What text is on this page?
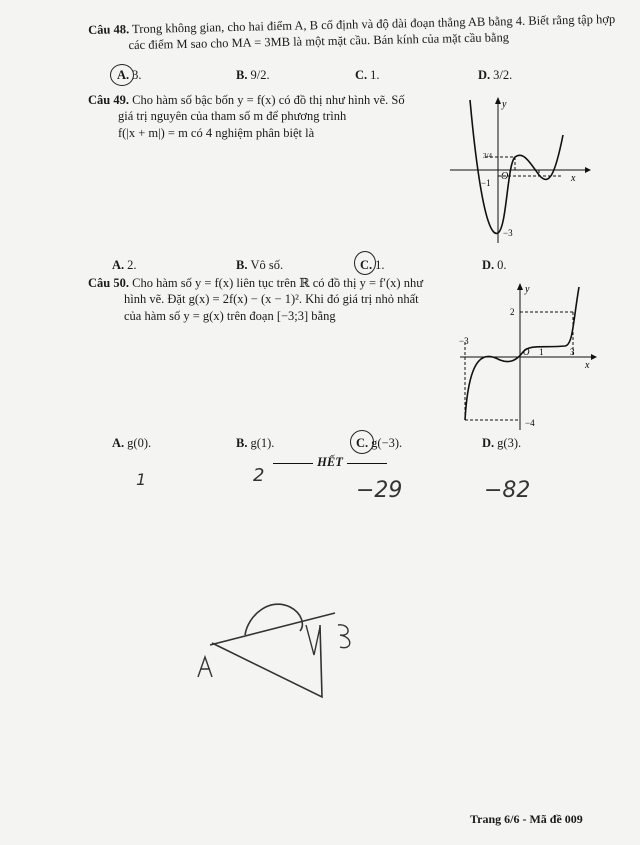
Câu 48. Trong không gian, cho hai điểm A, B cố định và độ dài đoạn thẳng AB bằng 4. Biết rằng tập hợp
các điểm M sao cho MA = 3MB là một mặt cầu. Bán kính của mặt cầu bằng
A. 3.	B. 9/2.	C. 1.	D. 3/2.
Câu 49. Cho hàm số bậc bốn y = f(x) có đồ thị như hình vẽ. Số
giá trị nguyên của tham số m để phương trình
f(|x + m|) = m có 4 nghiệm phân biệt là
y
x
O
3/4
−1
−3
A. 2.	B. Vô số.	C. 1.	D. 0.
Câu 50. Cho hàm số y = f(x) liên tục trên ℝ có đồ thị y = f′(x) như
hình vẽ. Đặt g(x) = 2f(x) − (x − 1)². Khi đó giá trị nhỏ nhất
của hàm số y = g(x) trên đoạn [−3;3] bằng
y
x
O
2
−3
1	3
−4
A. g(0).	B. g(1).	C. g(−3).	D. g(3).
HẾT
1	2
−29	−82
Trang 6/6 - Mã đề 009
